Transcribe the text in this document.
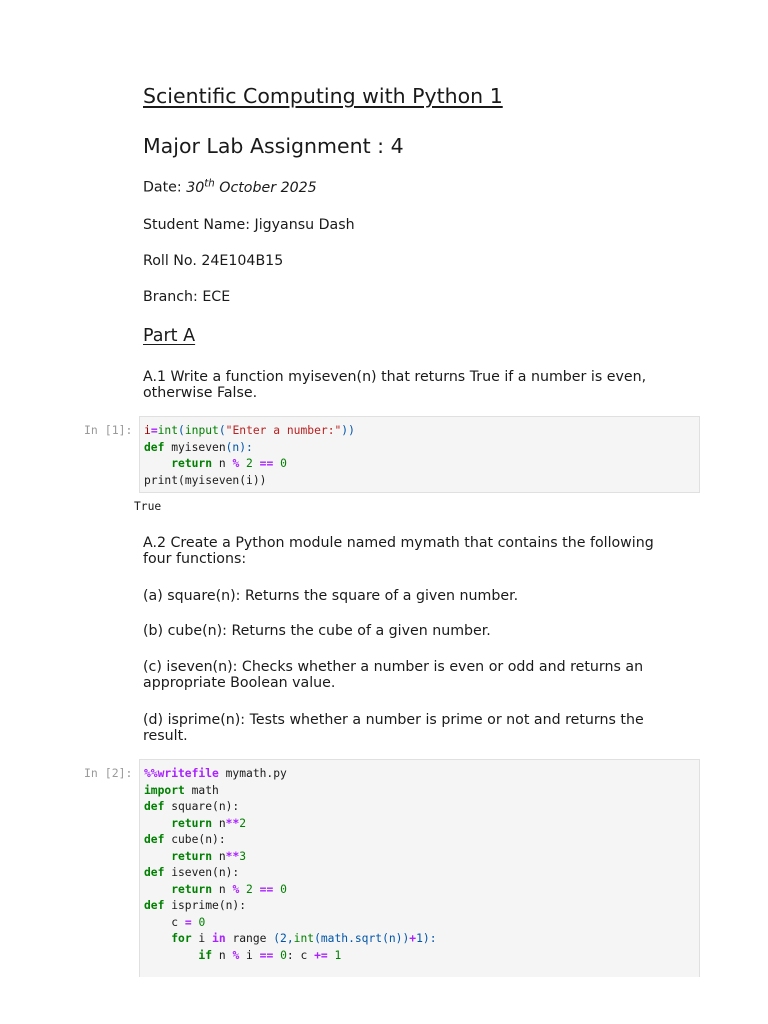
Scientific Computing with Python 1
Major Lab Assignment : 4

Date: 30th October 2025

Student Name: Jigyansu Dash

Roll No. 24E104B15

Branch: ECE

Part A

A.1 Write a function myiseven(n) that returns True if a number is even, otherwise False.

In [1]:	i=int(input("Enter a number:"))
def myiseven(n):
return n % 2 == 0
print(myiseven(i))
True

A.2 Create a Python module named mymath that contains the following four functions:

(a) square(n): Returns the square of a given number.

(b) cube(n): Returns the cube of a given number.

(c) iseven(n): Checks whether a number is even or odd and returns an appropriate Boolean value.

(d) isprime(n): Tests whether a number is prime or not and returns the result.

In [2]:	%%writefile mymath.py
import math
def square(n):
return n**2
def cube(n):
return n**3
def iseven(n):
return n % 2 == 0
def isprime(n):
c = 0
for i in range (2,int(math.sqrt(n))+1):
if n % i == 0: c += 1
